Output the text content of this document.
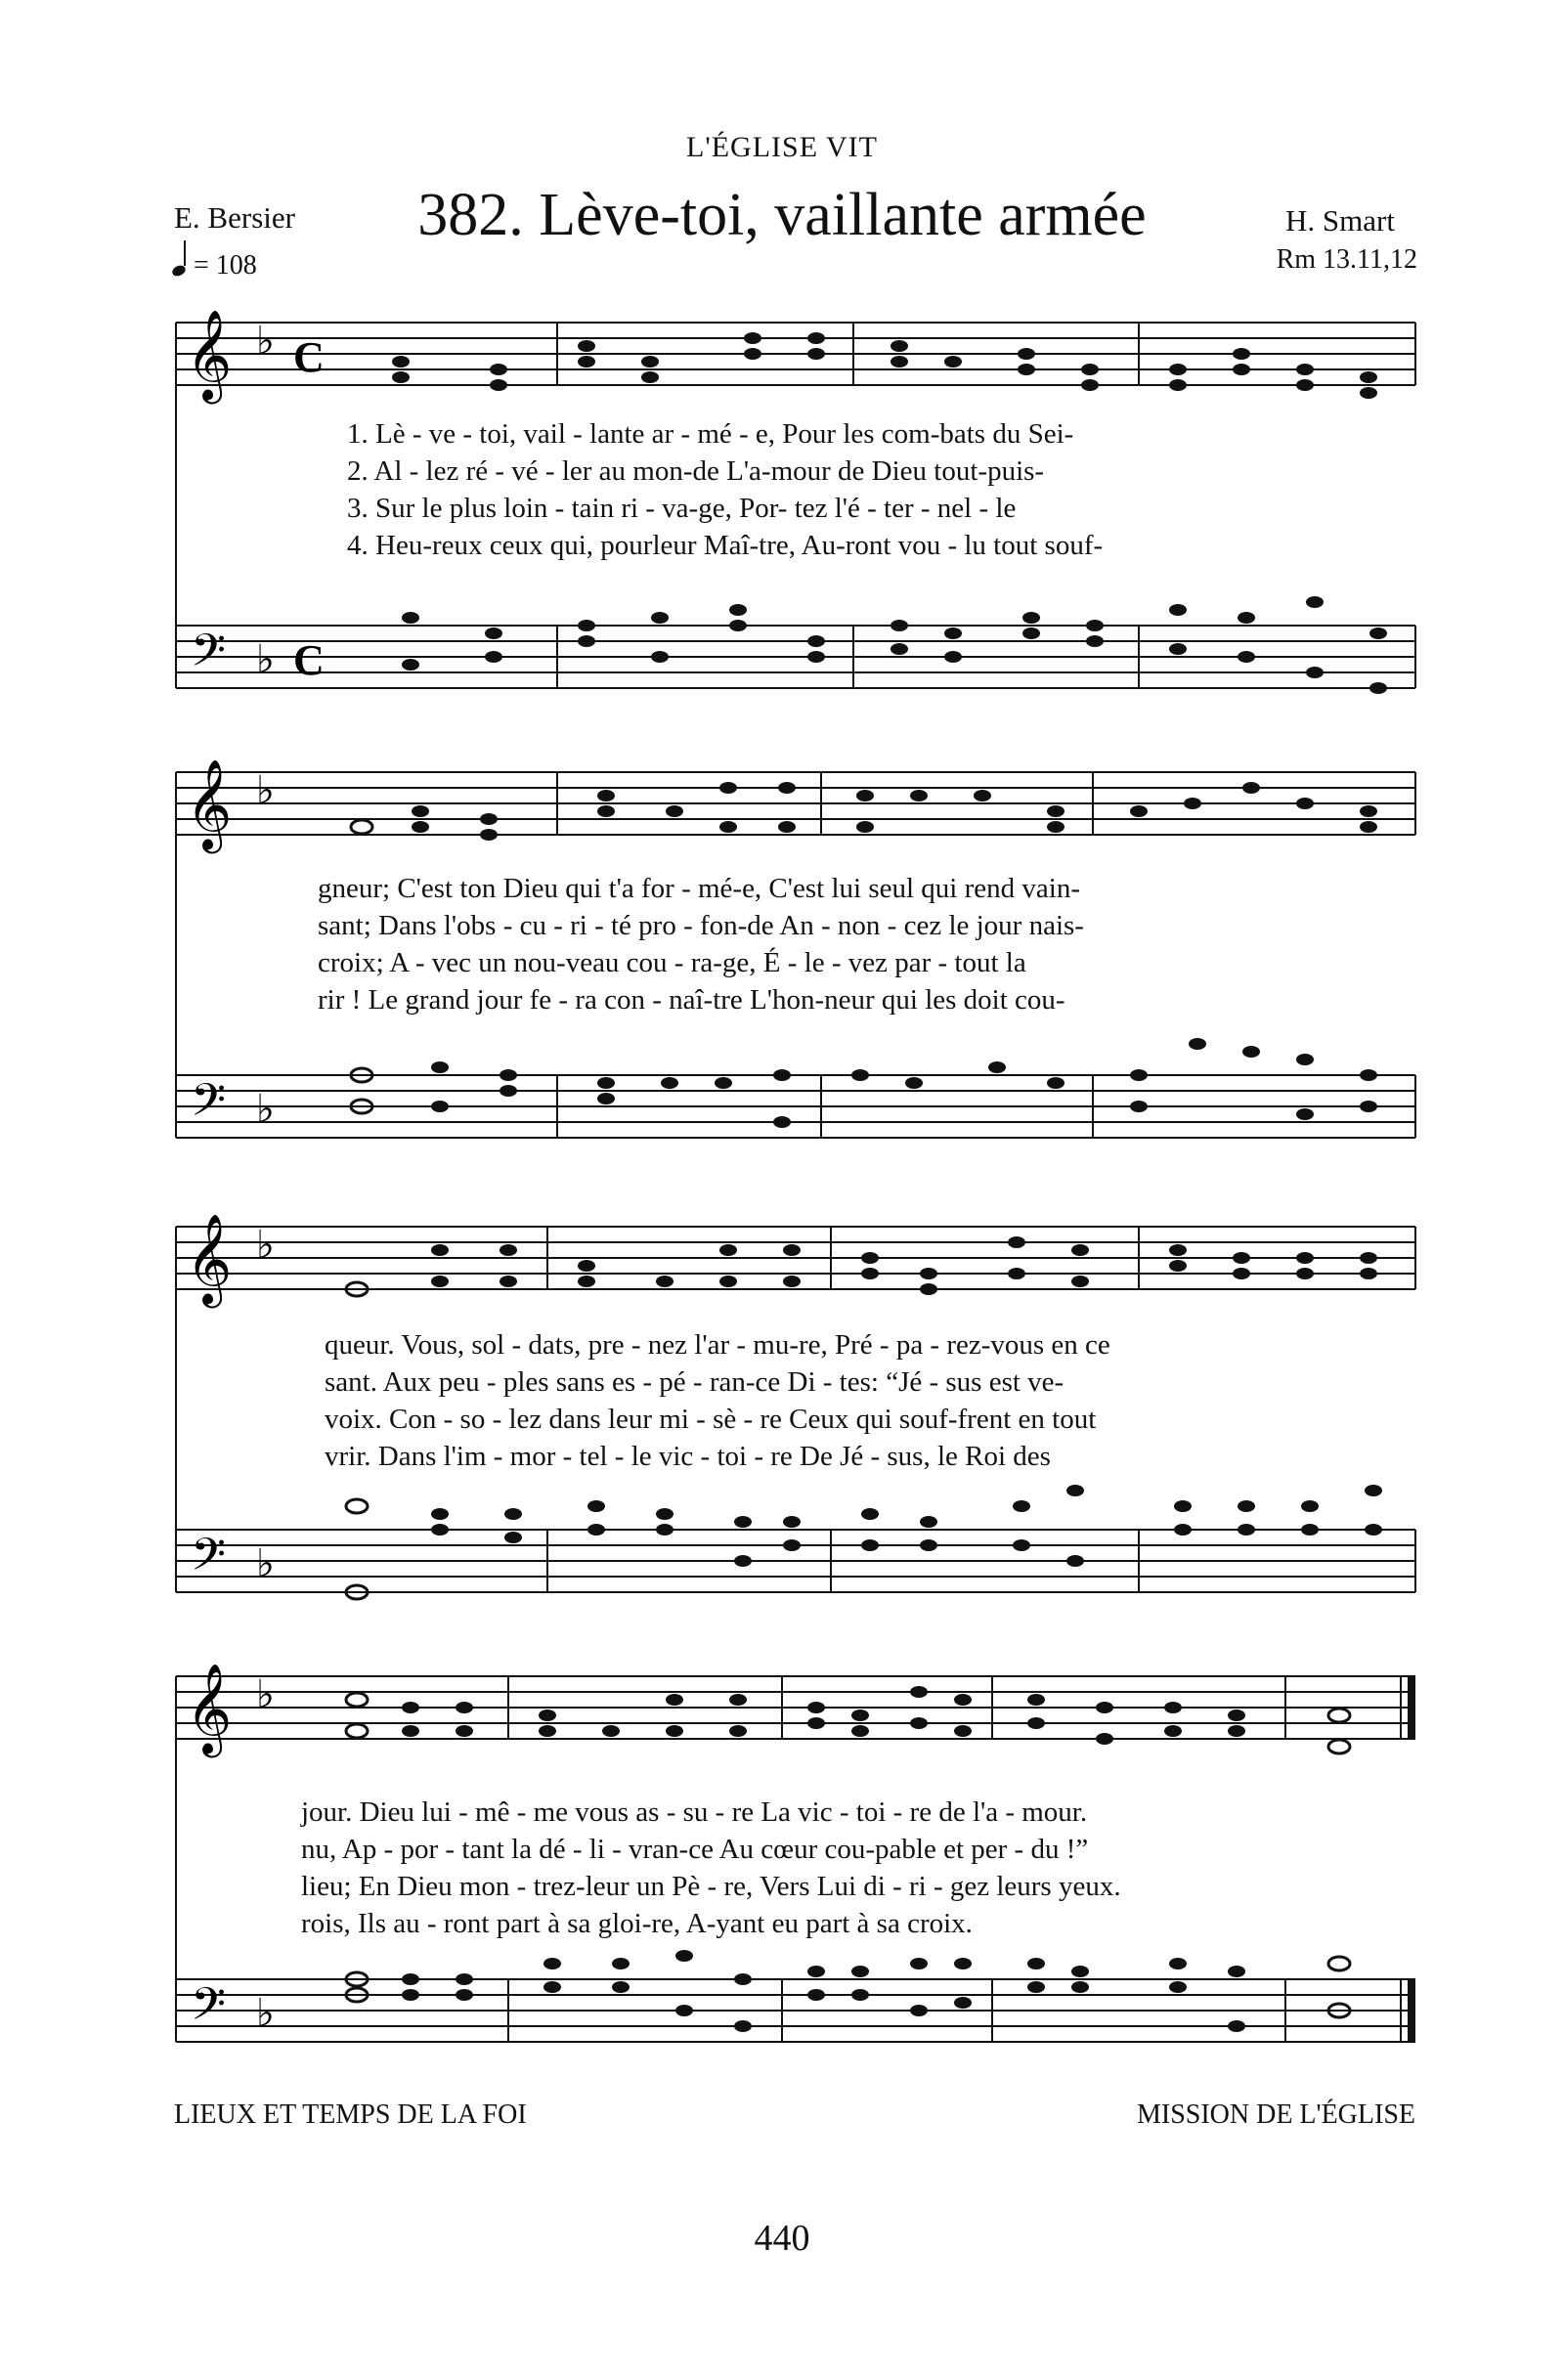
L'ÉGLISE VIT
E. Bersier	382. Lève-toi, vaillante armée	H. Smart
Rm 13.11,12
= 108
𝄞 ♭ C
𝄢 ♭ C
1. Lè - ve - toi, vail - lante ar - mé - e, Pour les com-bats du Sei-
2. Al - lez ré - vé - ler au mon-de L'a-mour de Dieu tout-puis-
3. Sur le plus loin - tain ri - va-ge, Por- tez l'é - ter - nel - le
4. Heu-reux ceux qui, pourleur Maî-tre, Au-ront vou - lu tout souf-
𝄞 ♭
𝄢 ♭
gneur; C'est ton Dieu qui t'a for - mé-e, C'est lui seul qui rend vain-
sant; Dans l'obs - cu - ri - té pro - fon-de An - non - cez le jour nais-
croix; A - vec un nou-veau cou - ra-ge, É - le - vez par - tout la
rir ! Le grand jour fe - ra con - naî-tre L'hon-neur qui les doit cou-
𝄞 ♭
𝄢 ♭
queur. Vous, sol - dats, pre - nez l'ar - mu-re, Pré - pa - rez-vous en ce
sant. Aux peu - ples sans es - pé - ran-ce Di - tes: “Jé - sus est ve-
voix. Con - so - lez dans leur mi - sè - re Ceux qui souf-frent en tout
vrir. Dans l'im - mor - tel - le vic - toi - re De Jé - sus, le Roi des
𝄞 ♭
𝄢 ♭
jour. Dieu lui - mê - me vous as - su - re La vic - toi - re de l'a - mour.
nu, Ap - por - tant la dé - li - vran-ce Au cœur cou-pable et per - du !”
lieu; En Dieu mon - trez-leur un Pè - re, Vers Lui di - ri - gez leurs yeux.
rois, Ils au - ront part à sa gloi-re, A-yant eu part à sa croix.
LIEUX ET TEMPS DE LA FOI	MISSION DE L'ÉGLISE
440
